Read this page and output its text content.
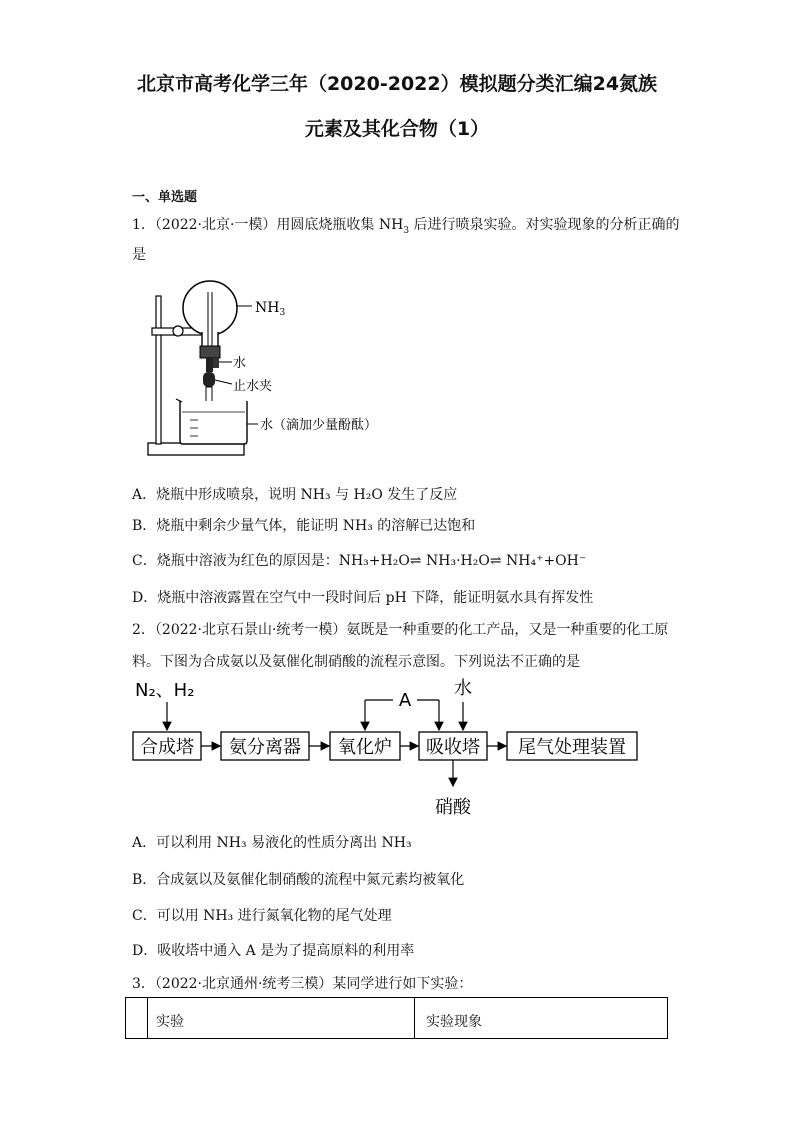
北京市高考化学三年（2020-2022）模拟题分类汇编24氮族
元素及其化合物（1）
一、单选题
1．（2022·北京·一模）用圆底烧瓶收集 $NH_3$ 后进行喷泉实验。对实验现象的分析正确的
是
$NH_3$
水
止水夹
水（滴加少量酚酞）
A．烧瓶中形成喷泉，说明 NH₃ 与 H₂O 发生了反应
B．烧瓶中剩余少量气体，能证明 NH₃ 的溶解已达饱和
C．烧瓶中溶液为红色的原因是：NH₃+H₂O⇌ NH₃·H₂O⇌ NH₄⁺+OH⁻
D．烧瓶中溶液露置在空气中一段时间后 pH 下降，能证明氨水具有挥发性
2．（2022·北京石景山·统考一模）氨既是一种重要的化工产品，又是一种重要的化工原
料。下图为合成氨以及氨催化制硝酸的流程示意图。下列说法不正确的是
N₂、H₂
合成塔 氨分离器 氧化炉 吸收塔 尾气处理装置
A
水
硝酸
A．可以利用 NH₃ 易液化的性质分离出 NH₃
B．合成氨以及氨催化制硝酸的流程中氮元素均被氧化
C．可以用 NH₃ 进行氮氧化物的尾气处理
D．吸收塔中通入 A 是为了提高原料的利用率
3．（2022·北京通州·统考三模）某同学进行如下实验：
实验	实验现象
